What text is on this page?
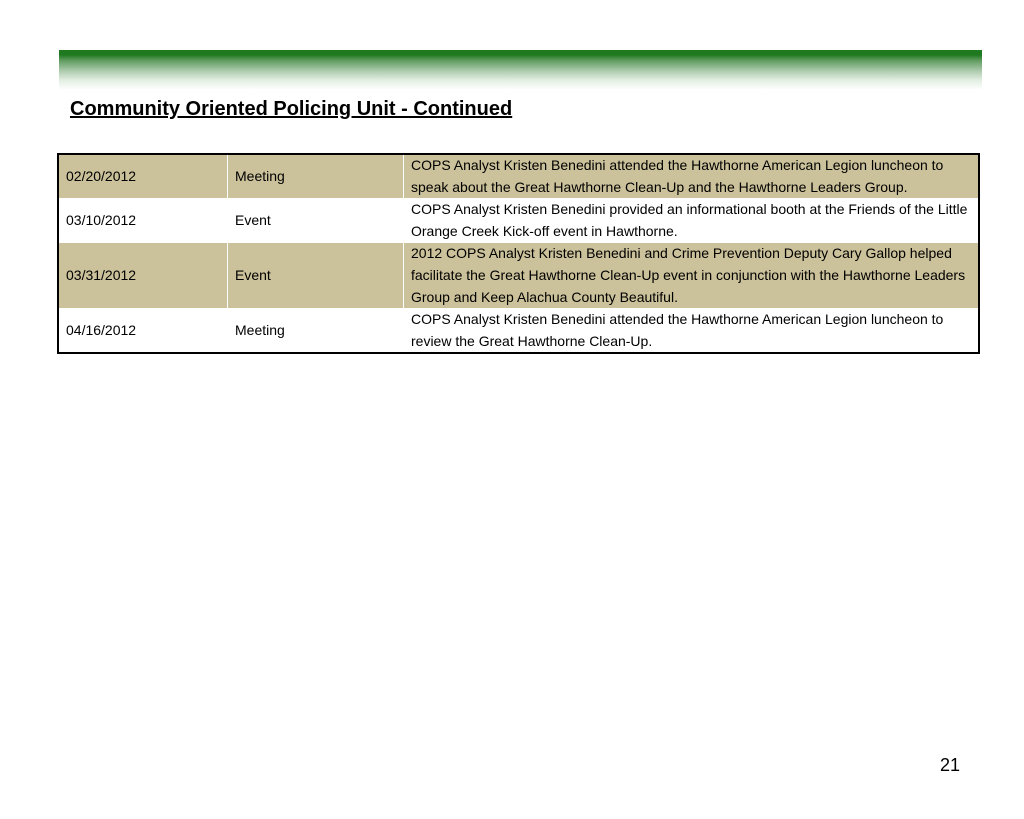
Community Oriented Policing Unit - Continued
02/20/2012	Meeting	COPS Analyst Kristen Benedini attended the Hawthorne American Legion luncheon to speak about the Great Hawthorne Clean-Up and the Hawthorne Leaders Group.
03/10/2012	Event	COPS Analyst Kristen Benedini provided an informational booth at the Friends of the Little Orange Creek Kick-off event in Hawthorne.
03/31/2012	Event	2012 COPS Analyst Kristen Benedini and Crime Prevention Deputy Cary Gallop helped facilitate the Great Hawthorne Clean-Up event in conjunction with the Hawthorne Leaders Group and Keep Alachua County Beautiful.
04/16/2012	Meeting	COPS Analyst Kristen Benedini attended the Hawthorne American Legion luncheon to review the Great Hawthorne Clean-Up.
21
